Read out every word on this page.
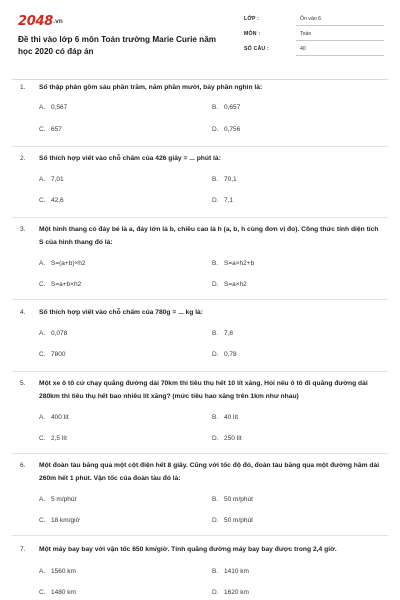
2048.vn
Đề thi vào lớp 6 môn Toán trường Marie Curie năm học 2020 có đáp án
LỚP :	Ôn vào 6
MÔN :	Toán
SỐ CÂU :	40
1. Số thập phân gồm sáu phần trăm, năm phần mười, bảy phần nghìn là:
A. 0,567	B. 0,657
C. 657	D. 0,756
2. Số thích hợp viết vào chỗ chấm của 426 giây = ... phút là:
A. 7,01	B. 70,1
C. 42,6	D. 7,1
3. Một hình thang có đáy bé là a, đáy lớn là b, chiều cao là h (a, b, h cùng đơn vị đo). Công thức tính diện tích S của hình thang đó là:
A. S=(a+b)×h2	B. S=a×h2+b
C. S=a+b×h2	D. S=a×h2
4. Số thích hợp viết vào chỗ chấm của 780g = ... kg là:
A. 0,078	B. 7,8
C. 7800	D. 0,78
5. Một xe ô tô cứ chạy quãng đường dài 70km thì tiêu thụ hết 10 lít xăng. Hỏi nếu ô tô đi quãng đường dài 280km thì tiêu thụ hết bao nhiêu lít xăng? (mức tiêu hao xăng trên 1km như nhau)
A. 400 lít	B. 40 lít
C. 2,5 lít	D. 250 lít
6. Một đoàn tàu băng qua một cột điện hết 8 giây. Cũng với tốc độ đó, đoàn tàu băng qua một đường hầm dài 260m hết 1 phút. Vận tốc của đoàn tàu đó là:
A. 5 m/phút	B. 50 m/phút
C. 18 km/giờ	D. 50 m/phút
7. Một máy bay bay với vận tốc 650 km/giờ. Tính quãng đường máy bay bay được trong 2,4 giờ.
A. 1560 km	B. 1410 km
C. 1480 km	D. 1620 km
